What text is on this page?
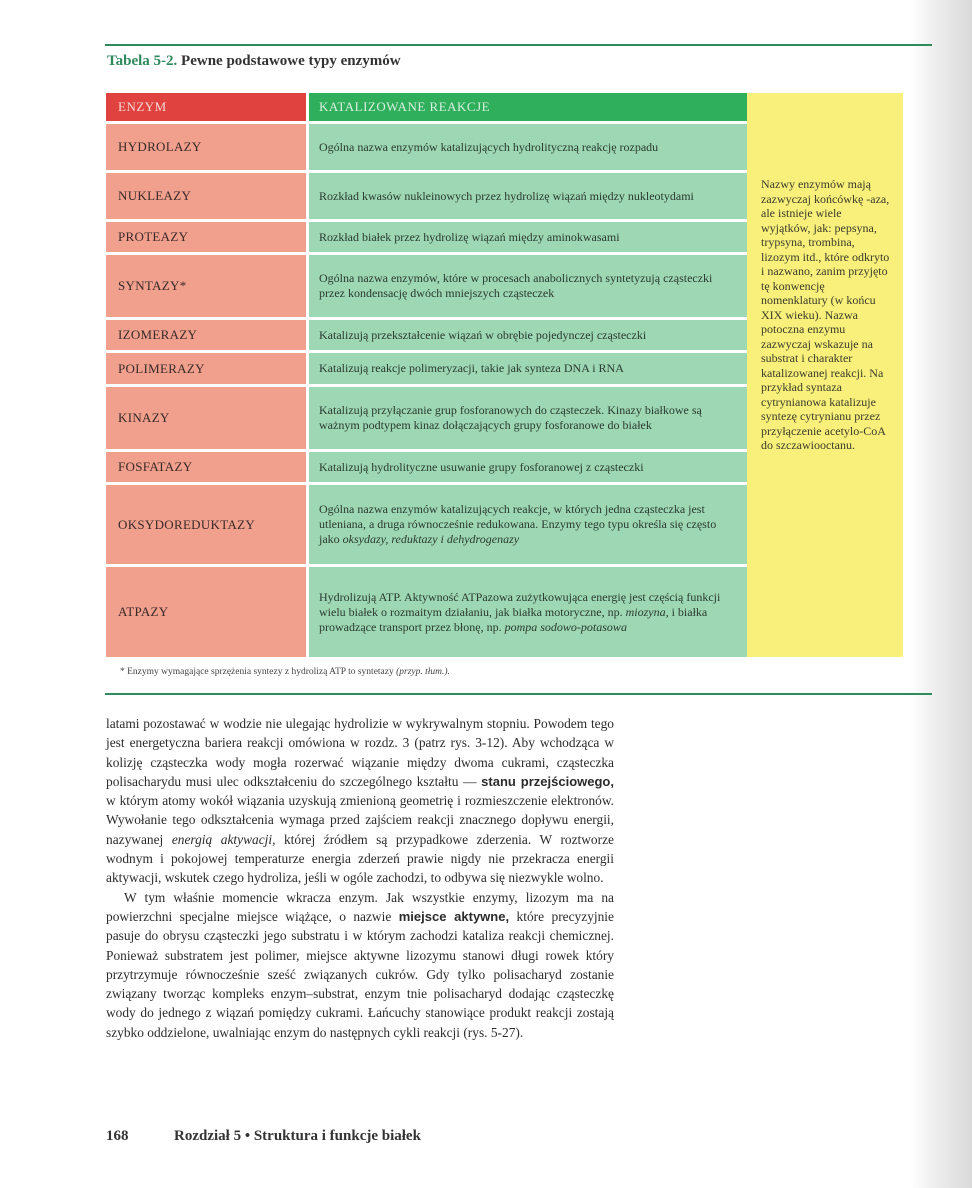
Tabela 5-2. Pewne podstawowe typy enzymów
ENZYM
HYDROLAZY
NUKLEAZY
PROTEAZY
SYNTAZY*
IZOMERAZY
POLIMERAZY
KINAZY
FOSFATAZY
OKSYDOREDUKTAZY
ATPAZY
KATALIZOWANE REAKCJE
Ogólna nazwa enzymów katalizujących hydrolityczną reakcję rozpadu
Rozkład kwasów nukleinowych przez hydrolizę wiązań między nukleotydami
Rozkład białek przez hydrolizę wiązań między aminokwasami
Ogólna nazwa enzymów, które w procesach anabolicznych syntetyzują cząsteczki przez kondensację dwóch mniejszych cząsteczek
Katalizują przekształcenie wiązań w obrębie pojedynczej cząsteczki
Katalizują reakcje polimeryzacji, takie jak synteza DNA i RNA
Katalizują przyłączanie grup fosforanowych do cząsteczek. Kinazy białkowe są ważnym podtypem kinaz dołączających grupy fosforanowe do białek
Katalizują hydrolityczne usuwanie grupy fosforanowej z cząsteczki
Ogólna nazwa enzymów katalizujących reakcje, w których jedna cząsteczka jest utleniana, a druga równocześnie redukowana. Enzymy tego typu określa się często jako oksydazy, reduktazy i dehydrogenazy
Hydrolizują ATP. Aktywność ATPazowa zużytkowująca energię jest częścią funkcji wielu białek o rozmaitym działaniu, jak białka motoryczne, np. miozyna, i białka prowadzące transport przez błonę, np. pompa sodowo-potasowa
Nazwy enzymów mają zazwyczaj końcówkę -aza, ale istnieje wiele wyjątków, jak: pepsyna, trypsyna, trombina, lizozym itd., które odkryto i nazwano, zanim przyjęto tę konwencję nomenklatury (w końcu XIX wieku). Nazwa potoczna enzymu zazwyczaj wskazuje na substrat i charakter katalizowanej reakcji. Na przykład syntaza cytrynianowa katalizuje syntezę cytrynianu przez przyłączenie acetylo-CoA do szczawiooctanu.
* Enzymy wymagające sprzężenia syntezy z hydrolizą ATP to syntetazy (przyp. tłum.).

latami pozostawać w wodzie nie ulegając hydrolizie w wykrywalnym stopniu. Powodem tego jest energetyczna bariera reakcji omówiona w rozdz. 3 (patrz rys. 3-12). Aby wchodząca w kolizję cząsteczka wody mogła rozerwać wiązanie między dwoma cukrami, cząsteczka polisacharydu musi ulec odkształceniu do szczególnego kształtu — stanu przejściowego, w którym atomy wokół wiązania uzyskują zmienioną geometrię i rozmieszczenie elektronów. Wywołanie tego odkształcenia wymaga przed zajściem reakcji znacznego dopływu energii, nazywanej energią aktywacji, której źródłem są przypadkowe zderzenia. W roztworze wodnym i pokojowej temperaturze energia zderzeń prawie nigdy nie przekracza energii aktywacji, wskutek czego hydroliza, jeśli w ogóle zachodzi, to odbywa się niezwykle wolno.

W tym właśnie momencie wkracza enzym. Jak wszystkie enzymy, lizozym ma na powierzchni specjalne miejsce wiążące, o nazwie miejsce aktywne, które precyzyjnie pasuje do obrysu cząsteczki jego substratu i w którym zachodzi kataliza reakcji chemicznej. Ponieważ substratem jest polimer, miejsce aktywne lizozymu stanowi długi rowek który przytrzymuje równocześnie sześć związanych cukrów. Gdy tylko polisacharyd zostanie związany tworząc kompleks enzym–substrat, enzym tnie polisacharyd dodając cząsteczkę wody do jednego z wiązań pomiędzy cukrami. Łańcuchy stanowiące produkt reakcji zostają szybko oddzielone, uwalniając enzym do następnych cykli reakcji (rys. 5-27).

168	Rozdział 5 • Struktura i funkcje białek
